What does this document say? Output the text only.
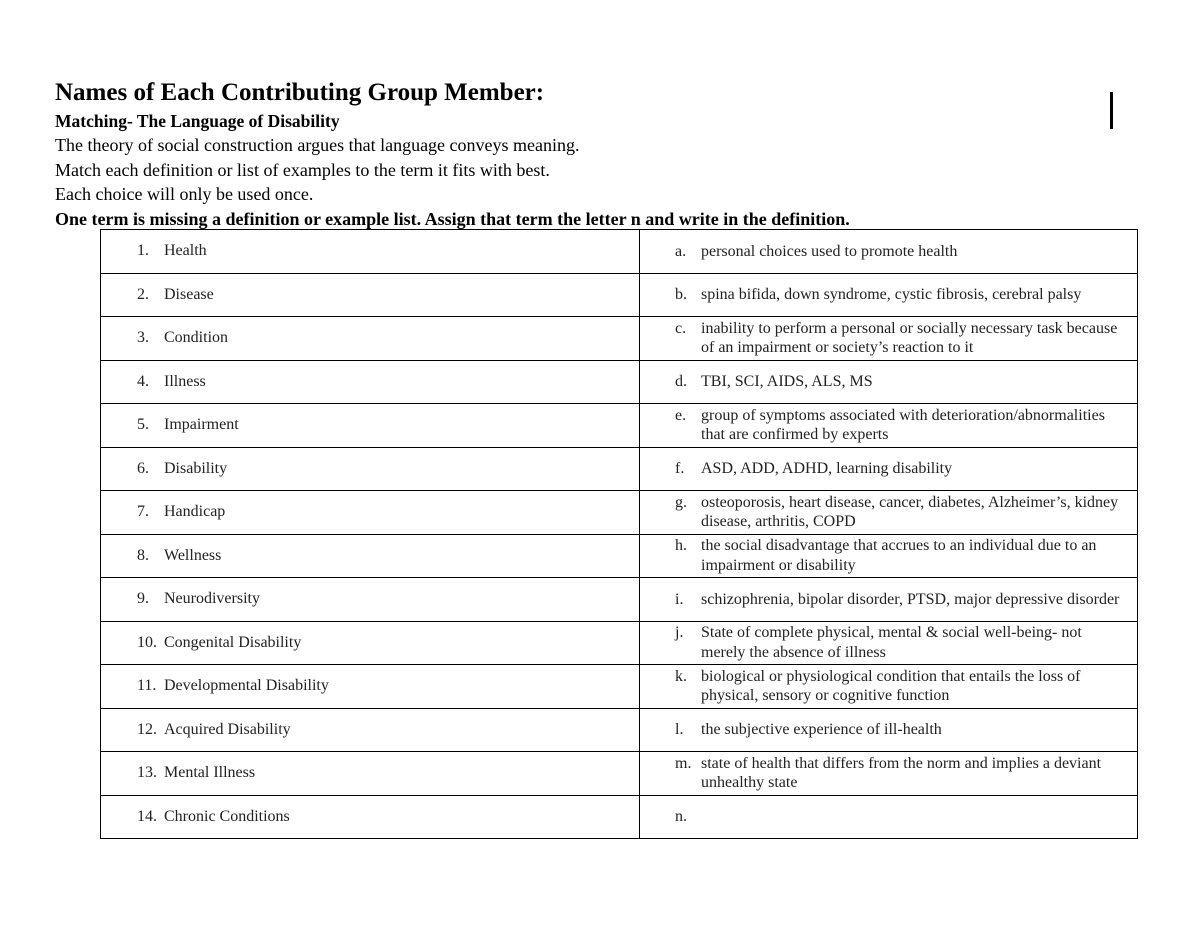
Names of Each Contributing Group Member:

Matching- The Language of Disability

The theory of social construction argues that language conveys meaning.

Match each definition or list of examples to the term it fits with best.

Each choice will only be used once.

One term is missing a definition or example list. Assign that term the letter n and write in the definition.

1. Health	a. personal choices used to promote health

2. Disease	b. spina bifida, down syndrome, cystic fibrosis, cerebral palsy

3. Condition	c. inability to perform a personal or socially necessary task because of an impairment or society’s reaction to it

4. Illness	d. TBI, SCI, AIDS, ALS, MS

5. Impairment	e. group of symptoms associated with deterioration/abnormalities that are confirmed by experts

6. Disability	f. ASD, ADD, ADHD, learning disability

7. Handicap	g. osteoporosis, heart disease, cancer, diabetes, Alzheimer’s, kidney disease, arthritis, COPD

8. Wellness	h. the social disadvantage that accrues to an individual due to an impairment or disability

9. Neurodiversity	i. schizophrenia, bipolar disorder, PTSD, major depressive disorder

10. Congenital Disability	j. State of complete physical, mental & social well-being- not merely the absence of illness

11. Developmental Disability	k. biological or physiological condition that entails the loss of physical, sensory or cognitive function

12. Acquired Disability	l. the subjective experience of ill-health

13. Mental Illness	m. state of health that differs from the norm and implies a deviant unhealthy state

14. Chronic Conditions	n.
